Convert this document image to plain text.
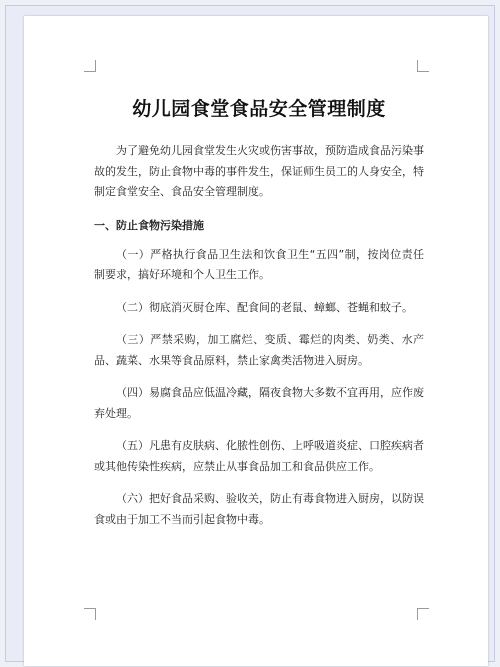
幼儿园食堂食品安全管理制度

为了避免幼儿园食堂发生火灾或伤害事故，预防造成食品污染事故的发生，防止食物中毒的事件发生，保证师生员工的人身安全，特制定食堂安全、食品安全管理制度。

一、防止食物污染措施

（一）严格执行食品卫生法和饮食卫生“五四”制，按岗位责任制要求，搞好环境和个人卫生工作。

（二）彻底消灭厨仓库、配食间的老鼠、蟑螂、苍蝇和蚊子。

（三）严禁采购，加工腐烂、变质、霉烂的肉类、奶类、水产品、蔬菜、水果等食品原料，禁止家禽类活物进入厨房。

（四）易腐食品应低温冷藏，隔夜食物大多数不宜再用，应作废弃处理。

（五）凡患有皮肤病、化脓性创伤、上呼吸道炎症、口腔疾病者或其他传染性疾病，应禁止从事食品加工和食品供应工作。

（六）把好食品采购、验收关，防止有毒食物进入厨房，以防误食或由于加工不当而引起食物中毒。
